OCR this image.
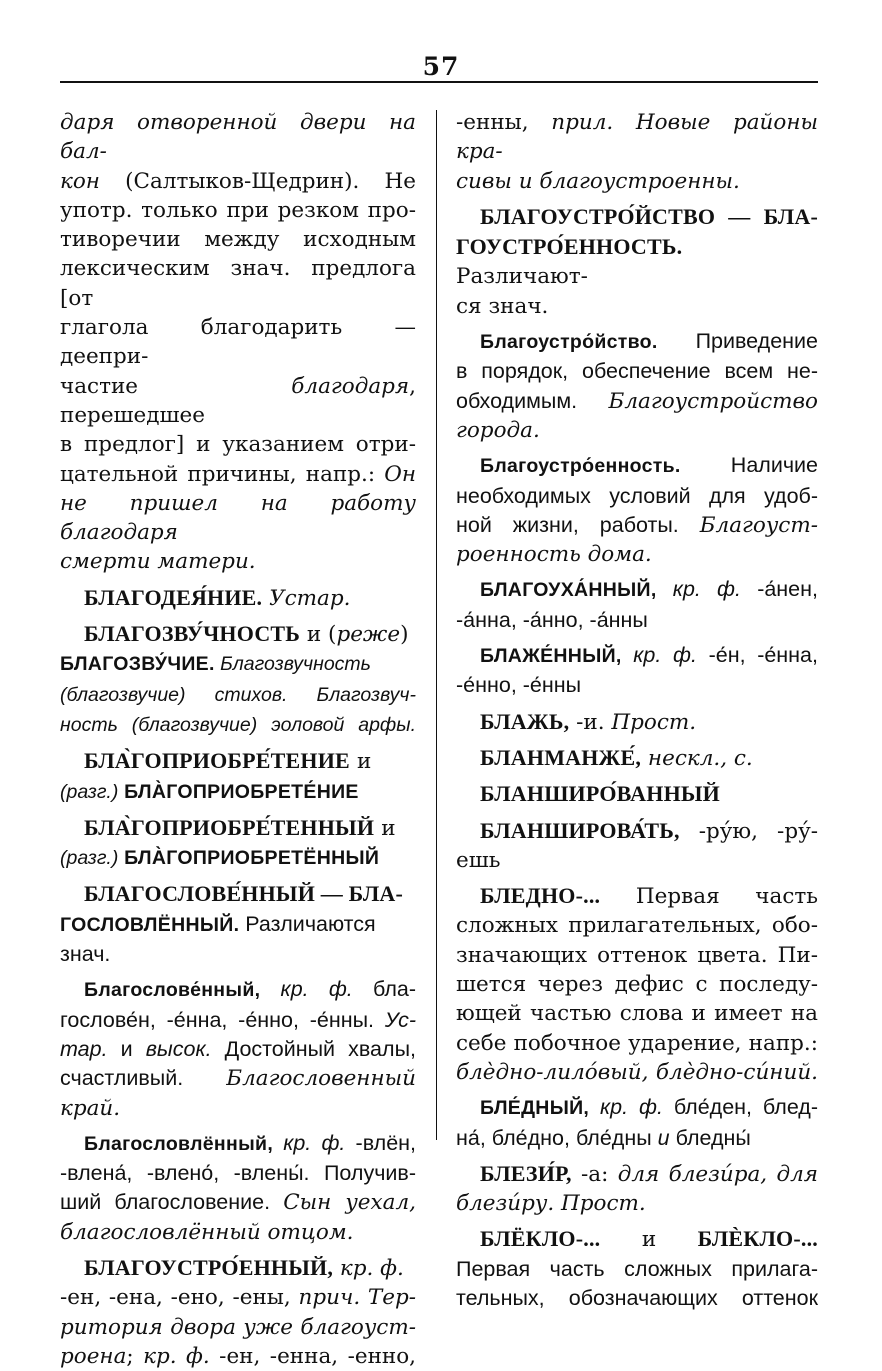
57
даря отворенной двери на бал-
кон (Салтыков-Щедрин). Не
употр. только при резком про-
тиворечии между исходным
лексическим знач. предлога [от
глагола благодарить — деепри-
частие благодаря, перешедшее
в предлог] и указанием отри-
цательной причины, напр.: Он
не пришел на работу благодаря
смерти матери.
БЛАГОДЕЯ́НИЕ. Устар.
БЛАГОЗВУ́ЧНОСТЬ и (реже)
БЛАГОЗВУ́ЧИЕ. Благозвучность
(благозвучие) стихов. Благозвуч-
ность (благозвучие) эоловой арфы.
БЛА̀ГОПРИОБРЕ́ТЕНИЕ и
(разг.) БЛА̀ГОПРИОБРЕТЕ́НИЕ
БЛА̀ГОПРИОБРЕ́ТЕННЫЙ и
(разг.) БЛА̀ГОПРИОБРЕТЁННЫЙ
БЛАГОСЛОВЕ́ННЫЙ — БЛА-
ГОСЛОВЛЁННЫЙ. Различаются
знач.
Благослове́нный, кр. ф. бла-
гослове́н, -е́нна, -е́нно, -е́нны. Ус-
тар. и высок. Достойный хвалы,
счастливый. Благословенный
край.
Благословлённый, кр. ф. -влён,
-влена́, -влено́, -влены́. Получив-
ший благословение. Сын уехал,
благословлённый отцом.
БЛАГОУСТРО́ЕННЫЙ, кр. ф.
-ен, -ена, -ено, -ены, прич. Тер-
ритория двора уже благоуст-
роена; кр. ф. -ен, -енна, -енно,
-енны, прил. Новые районы кра-
сивы и благоустроенны.
БЛАГОУСТРО́ЙСТВО — БЛА-
ГОУСТРО́ЕННОСТЬ. Различают-
ся знач.
Благоустро́йство. Приведение
в порядок, обеспечение всем не-
обходимым. Благоустройство
города.
Благоустро́енность. Наличие
необходимых условий для удоб-
ной жизни, работы. Благоуст-
роенность дома.
БЛАГОУХА́ННЫЙ, кр. ф. -а́нен,
-а́нна, -а́нно, -а́нны
БЛАЖЕ́ННЫЙ, кр. ф. -е́н, -е́нна,
-е́нно, -е́нны
БЛАЖЬ, -и. Прост.
БЛАНМАНЖЕ́, нескл., с.
БЛАНШИРО́ВАННЫЙ
БЛАНШИРОВА́ТЬ, -ру́ю, -ру́-
ешь
БЛЕДНО-... Первая часть
сложных прилагательных, обо-
значающих оттенок цвета. Пи-
шется через дефис с последу-
ющей частью слова и имеет на
себе побочное ударение, напр.:
блѐдно-лило́вый, блѐдно-си́ний.
БЛЕ́ДНЫЙ, кр. ф. бле́ден, блед-
на́, бле́дно, бле́дны и бледны́
БЛЕЗИ́Р, -а: для блези́ра, для
блези́ру. Прост.
БЛЁКЛО-... и БЛЀКЛО-...
Первая часть сложных прилага-
тельных, обозначающих оттенок
